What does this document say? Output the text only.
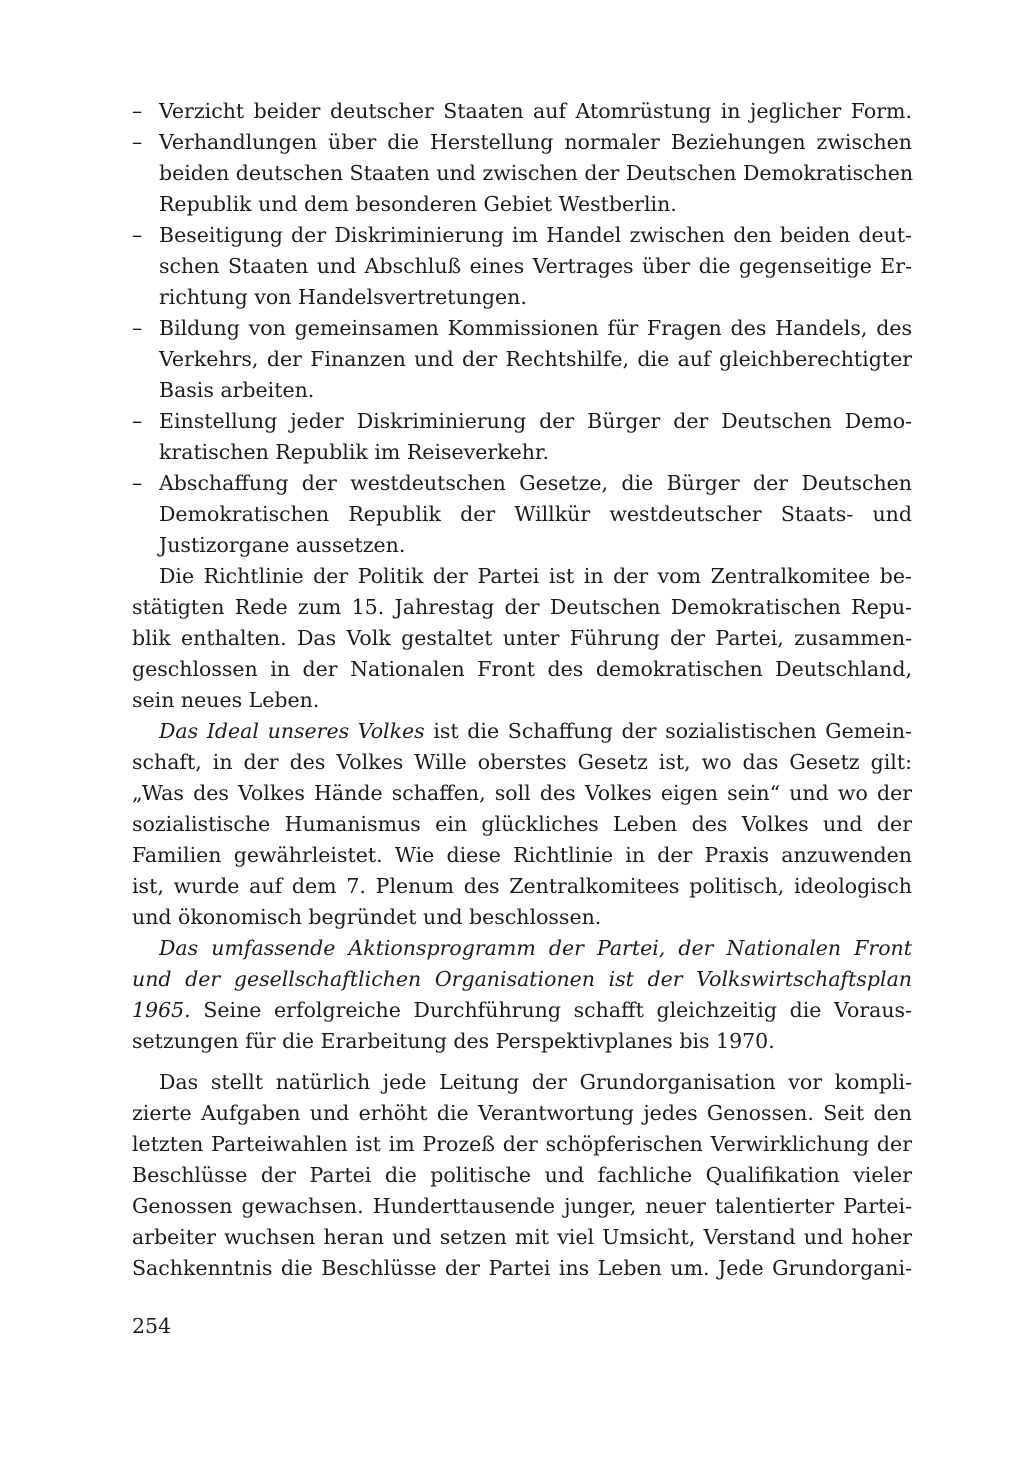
– Verzicht beider deutscher Staaten auf Atomrüstung in jeglicher Form.
– Verhandlungen über die Herstellung normaler Beziehungen zwischen
beiden deutschen Staaten und zwischen der Deutschen Demokratischen
Republik und dem besonderen Gebiet Westberlin.
– Beseitigung der Diskriminierung im Handel zwischen den beiden deut-
schen Staaten und Abschluß eines Vertrages über die gegenseitige Er-
richtung von Handelsvertretungen.
– Bildung von gemeinsamen Kommissionen für Fragen des Handels, des
Verkehrs, der Finanzen und der Rechtshilfe, die auf gleichberechtigter
Basis arbeiten.
– Einstellung jeder Diskriminierung der Bürger der Deutschen Demo-
kratischen Republik im Reiseverkehr.
– Abschaffung der westdeutschen Gesetze, die Bürger der Deutschen
Demokratischen Republik der Willkür westdeutscher Staats- und
Justizorgane aussetzen.
Die Richtlinie der Politik der Partei ist in der vom Zentralkomitee be-
stätigten Rede zum 15. Jahrestag der Deutschen Demokratischen Repu-
blik enthalten. Das Volk gestaltet unter Führung der Partei, zusammen-
geschlossen in der Nationalen Front des demokratischen Deutschland,
sein neues Leben.
Das Ideal unseres Volkes ist die Schaffung der sozialistischen Gemein-
schaft, in der des Volkes Wille oberstes Gesetz ist, wo das Gesetz gilt:
„Was des Volkes Hände schaffen, soll des Volkes eigen sein“ und wo der
sozialistische Humanismus ein glückliches Leben des Volkes und der
Familien gewährleistet. Wie diese Richtlinie in der Praxis anzuwenden
ist, wurde auf dem 7. Plenum des Zentralkomitees politisch, ideologisch
und ökonomisch begründet und beschlossen.
Das umfassende Aktionsprogramm der Partei, der Nationalen Front
und der gesellschaftlichen Organisationen ist der Volkswirtschaftsplan
1965. Seine erfolgreiche Durchführung schafft gleichzeitig die Voraus-
setzungen für die Erarbeitung des Perspektivplanes bis 1970.
Das stellt natürlich jede Leitung der Grundorganisation vor kompli-
zierte Aufgaben und erhöht die Verantwortung jedes Genossen. Seit den
letzten Parteiwahlen ist im Prozeß der schöpferischen Verwirklichung der
Beschlüsse der Partei die politische und fachliche Qualifikation vieler
Genossen gewachsen. Hunderttausende junger, neuer talentierter Partei-
arbeiter wuchsen heran und setzen mit viel Umsicht, Verstand und hoher
Sachkenntnis die Beschlüsse der Partei ins Leben um. Jede Grundorgani-
254
